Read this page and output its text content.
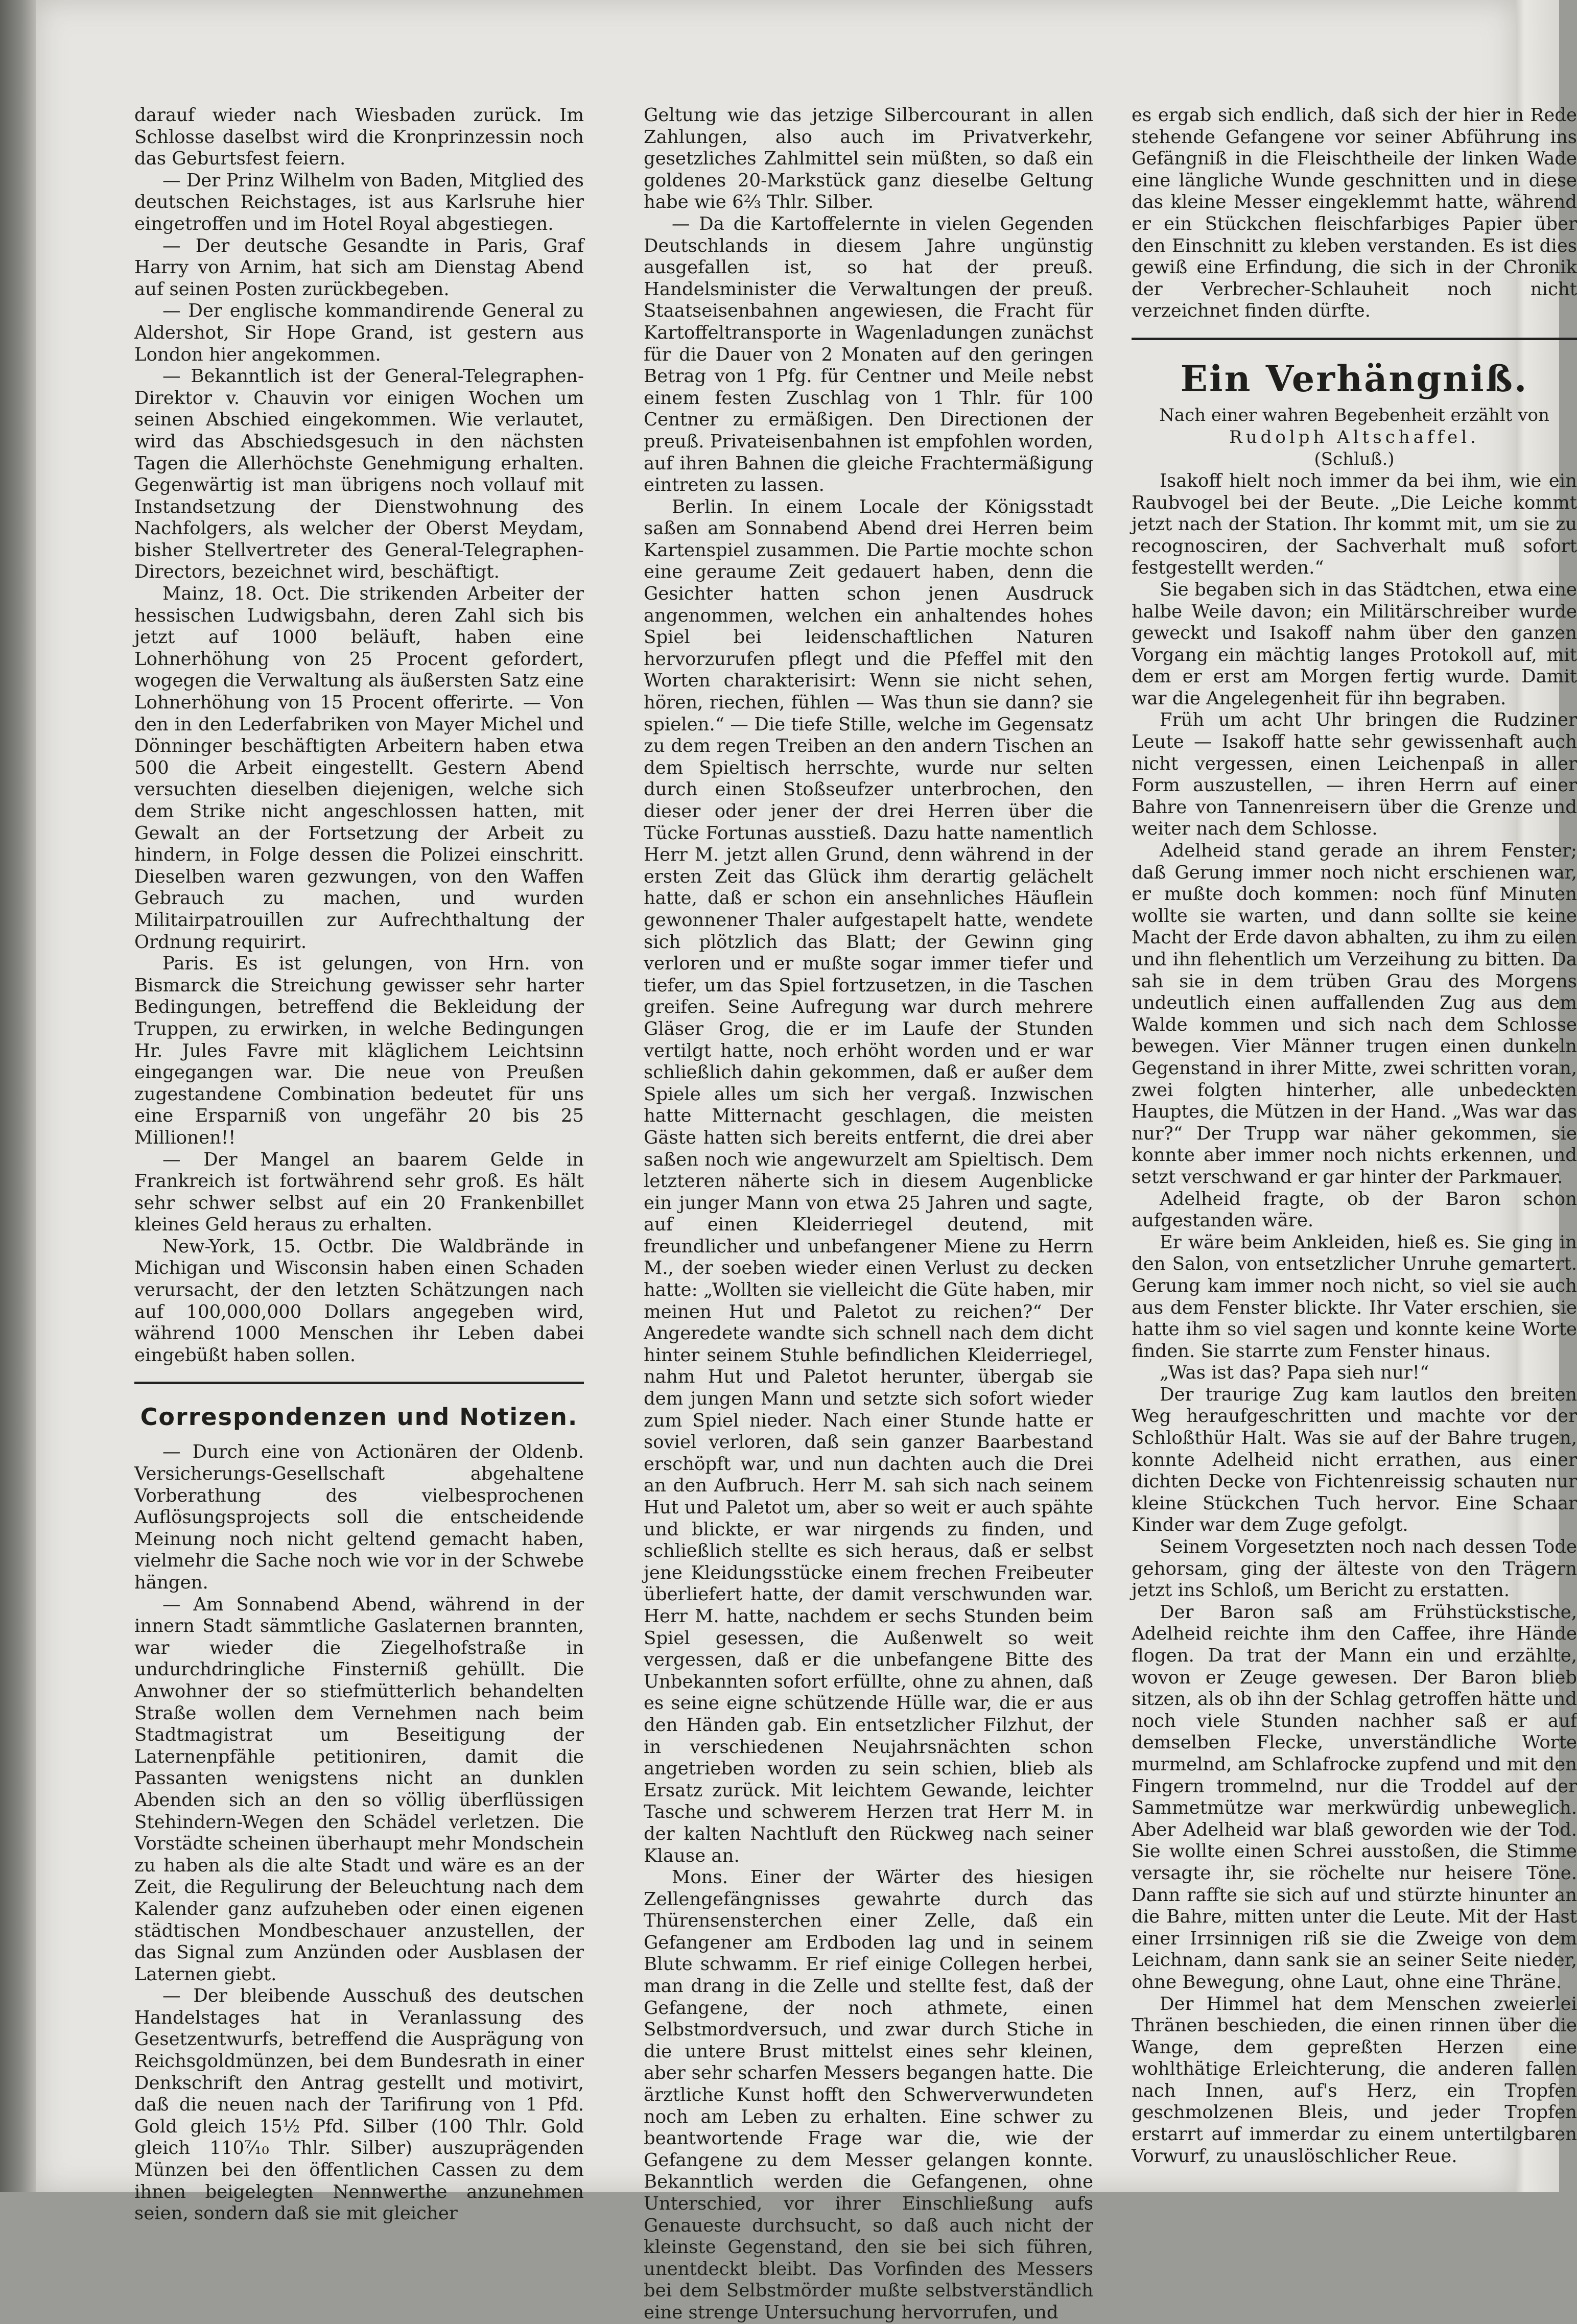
darauf wieder nach Wiesbaden zurück. Im Schlosse daselbst wird die Kronprinzessin noch das Geburtsfest feiern.

— Der Prinz Wilhelm von Baden, Mitglied des deutschen Reichstages, ist aus Karlsruhe hier eingetroffen und im Hotel Royal abgestiegen.

— Der deutsche Gesandte in Paris, Graf Harry von Arnim, hat sich am Dienstag Abend auf seinen Posten zurückbegeben.

— Der englische kommandirende General zu Aldershot, Sir Hope Grand, ist gestern aus London hier angekommen.

— Bekanntlich ist der General-Telegraphen-Direktor v. Chauvin vor einigen Wochen um seinen Abschied eingekommen. Wie verlautet, wird das Abschiedsgesuch in den nächsten Tagen die Allerhöchste Genehmigung erhalten. Gegenwärtig ist man übrigens noch vollauf mit Instandsetzung der Dienstwohnung des Nachfolgers, als welcher der Oberst Meydam, bisher Stellvertreter des General-Telegraphen-Directors, bezeichnet wird, beschäftigt.

Mainz, 18. Oct. Die strikenden Arbeiter der hessischen Ludwigsbahn, deren Zahl sich bis jetzt auf 1000 beläuft, haben eine Lohnerhöhung von 25 Procent gefordert, wogegen die Verwaltung als äußersten Satz eine Lohnerhöhung von 15 Procent offerirte. — Von den in den Lederfabriken von Mayer Michel und Dönninger beschäftigten Arbeitern haben etwa 500 die Arbeit eingestellt. Gestern Abend versuchten dieselben diejenigen, welche sich dem Strike nicht angeschlossen hatten, mit Gewalt an der Fortsetzung der Arbeit zu hindern, in Folge dessen die Polizei einschritt. Dieselben waren gezwungen, von den Waffen Gebrauch zu machen, und wurden Militairpatrouillen zur Aufrechthaltung der Ordnung requirirt.

Paris. Es ist gelungen, von Hrn. von Bismarck die Streichung gewisser sehr harter Bedingungen, betreffend die Bekleidung der Truppen, zu erwirken, in welche Bedingungen Hr. Jules Favre mit kläglichem Leichtsinn eingegangen war. Die neue von Preußen zugestandene Combination bedeutet für uns eine Ersparniß von ungefähr 20 bis 25 Millionen!!

— Der Mangel an baarem Gelde in Frankreich ist fortwährend sehr groß. Es hält sehr schwer selbst auf ein 20 Frankenbillet kleines Geld heraus zu erhalten.

New-York, 15. Octbr. Die Waldbrände in Michigan und Wisconsin haben einen Schaden verursacht, der den letzten Schätzungen nach auf 100,000,000 Dollars angegeben wird, während 1000 Menschen ihr Leben dabei eingebüßt haben sollen.

Correspondenzen und Notizen.

— Durch eine von Actionären der Oldenb. Versicherungs-Gesellschaft abgehaltene Vorberathung des vielbesprochenen Auflösungsprojects soll die entscheidende Meinung noch nicht geltend gemacht haben, vielmehr die Sache noch wie vor in der Schwebe hängen.

— Am Sonnabend Abend, während in der innern Stadt sämmtliche Gaslaternen brannten, war wieder die Ziegelhofstraße in undurchdringliche Finsterniß gehüllt. Die Anwohner der so stiefmütterlich behandelten Straße wollen dem Vernehmen nach beim Stadtmagistrat um Beseitigung der Laternenpfähle petitioniren, damit die Passanten wenigstens nicht an dunklen Abenden sich an den so völlig überflüssigen Stehindern-Wegen den Schädel verletzen. Die Vorstädte scheinen überhaupt mehr Mondschein zu haben als die alte Stadt und wäre es an der Zeit, die Regulirung der Beleuchtung nach dem Kalender ganz aufzuheben oder einen eigenen städtischen Mondbeschauer anzustellen, der das Signal zum Anzünden oder Ausblasen der Laternen giebt.

— Der bleibende Ausschuß des deutschen Handelstages hat in Veranlassung des Gesetzentwurfs, betreffend die Ausprägung von Reichsgoldmünzen, bei dem Bundesrath in einer Denkschrift den Antrag gestellt und motivirt, daß die neuen nach der Tarifirung von 1 Pfd. Gold gleich 15½ Pfd. Silber (100 Thlr. Gold gleich 110⁷⁄₁₀ Thlr. Silber) auszuprägenden Münzen bei den öffentlichen Cassen zu dem ihnen beigelegten Nennwerthe anzunehmen seien, sondern daß sie mit gleicher

Geltung wie das jetzige Silbercourant in allen Zahlungen, also auch im Privatverkehr, gesetzliches Zahlmittel sein müßten, so daß ein goldenes 20-Markstück ganz dieselbe Geltung habe wie 6⅔ Thlr. Silber.

— Da die Kartoffelernte in vielen Gegenden Deutschlands in diesem Jahre ungünstig ausgefallen ist, so hat der preuß. Handelsminister die Verwaltungen der preuß. Staatseisenbahnen angewiesen, die Fracht für Kartoffeltransporte in Wagenladungen zunächst für die Dauer von 2 Monaten auf den geringen Betrag von 1 Pfg. für Centner und Meile nebst einem festen Zuschlag von 1 Thlr. für 100 Centner zu ermäßigen. Den Directionen der preuß. Privateisenbahnen ist empfohlen worden, auf ihren Bahnen die gleiche Frachtermäßigung eintreten zu lassen.

Berlin. In einem Locale der Königsstadt saßen am Sonnabend Abend drei Herren beim Kartenspiel zusammen. Die Partie mochte schon eine geraume Zeit gedauert haben, denn die Gesichter hatten schon jenen Ausdruck angenommen, welchen ein anhaltendes hohes Spiel bei leidenschaftlichen Naturen hervorzurufen pflegt und die Pfeffel mit den Worten charakterisirt: Wenn sie nicht sehen, hören, riechen, fühlen — Was thun sie dann? sie spielen.“ — Die tiefe Stille, welche im Gegensatz zu dem regen Treiben an den andern Tischen an dem Spieltisch herrschte, wurde nur selten durch einen Stoßseufzer unterbrochen, den dieser oder jener der drei Herren über die Tücke Fortunas ausstieß. Dazu hatte namentlich Herr M. jetzt allen Grund, denn während in der ersten Zeit das Glück ihm derartig gelächelt hatte, daß er schon ein ansehnliches Häuflein gewonnener Thaler aufgestapelt hatte, wendete sich plötzlich das Blatt; der Gewinn ging verloren und er mußte sogar immer tiefer und tiefer, um das Spiel fortzusetzen, in die Taschen greifen. Seine Aufregung war durch mehrere Gläser Grog, die er im Laufe der Stunden vertilgt hatte, noch erhöht worden und er war schließlich dahin gekommen, daß er außer dem Spiele alles um sich her vergaß. Inzwischen hatte Mitternacht geschlagen, die meisten Gäste hatten sich bereits entfernt, die drei aber saßen noch wie angewurzelt am Spieltisch. Dem letzteren näherte sich in diesem Augenblicke ein junger Mann von etwa 25 Jahren und sagte, auf einen Kleiderriegel deutend, mit freundlicher und unbefangener Miene zu Herrn M., der soeben wieder einen Verlust zu decken hatte: „Wollten sie vielleicht die Güte haben, mir meinen Hut und Paletot zu reichen?“ Der Angeredete wandte sich schnell nach dem dicht hinter seinem Stuhle befindlichen Kleiderriegel, nahm Hut und Paletot herunter, übergab sie dem jungen Mann und setzte sich sofort wieder zum Spiel nieder. Nach einer Stunde hatte er soviel verloren, daß sein ganzer Baarbestand erschöpft war, und nun dachten auch die Drei an den Aufbruch. Herr M. sah sich nach seinem Hut und Paletot um, aber so weit er auch spähte und blickte, er war nirgends zu finden, und schließlich stellte es sich heraus, daß er selbst jene Kleidungsstücke einem frechen Freibeuter überliefert hatte, der damit verschwunden war. Herr M. hatte, nachdem er sechs Stunden beim Spiel gesessen, die Außenwelt so weit vergessen, daß er die unbefangene Bitte des Unbekannten sofort erfüllte, ohne zu ahnen, daß es seine eigne schützende Hülle war, die er aus den Händen gab. Ein entsetzlicher Filzhut, der in verschiedenen Neujahrsnächten schon angetrieben worden zu sein schien, blieb als Ersatz zurück. Mit leichtem Gewande, leichter Tasche und schwerem Herzen trat Herr M. in der kalten Nachtluft den Rückweg nach seiner Klause an.

Mons. Einer der Wärter des hiesigen Zellengefängnisses gewahrte durch das Thürensensterchen einer Zelle, daß ein Gefangener am Erdboden lag und in seinem Blute schwamm. Er rief einige Collegen herbei, man drang in die Zelle und stellte fest, daß der Gefangene, der noch athmete, einen Selbstmordversuch, und zwar durch Stiche in die untere Brust mittelst eines sehr kleinen, aber sehr scharfen Messers begangen hatte. Die ärztliche Kunst hofft den Schwerverwundeten noch am Leben zu erhalten. Eine schwer zu beantwortende Frage war die, wie der Gefangene zu dem Messer gelangen konnte. Bekanntlich werden die Gefangenen, ohne Unterschied, vor ihrer Einschließung aufs Genaueste durchsucht, so daß auch nicht der kleinste Gegenstand, den sie bei sich führen, unentdeckt bleibt. Das Vorfinden des Messers bei dem Selbstmörder mußte selbstverständlich eine strenge Untersuchung hervorrufen, und

es ergab sich endlich, daß sich der hier in Rede stehende Gefangene vor seiner Abführung ins Gefängniß in die Fleischtheile der linken Wade eine längliche Wunde geschnitten und in diese das kleine Messer eingeklemmt hatte, während er ein Stückchen fleischfarbiges Papier über den Einschnitt zu kleben verstanden. Es ist dies gewiß eine Erfindung, die sich in der Chronik der Verbrecher-Schlauheit noch nicht verzeichnet finden dürfte.

Ein Verhängniß.

Nach einer wahren Begebenheit erzählt von

Rudolph Altschaffel.

(Schluß.)

Isakoff hielt noch immer da bei ihm, wie ein Raubvogel bei der Beute. „Die Leiche kommt jetzt nach der Station. Ihr kommt mit, um sie zu recognosciren, der Sachverhalt muß sofort festgestellt werden.“

Sie begaben sich in das Städtchen, etwa eine halbe Weile davon; ein Militärschreiber wurde geweckt und Isakoff nahm über den ganzen Vorgang ein mächtig langes Protokoll auf, mit dem er erst am Morgen fertig wurde. Damit war die Angelegenheit für ihn begraben.

Früh um acht Uhr bringen die Rudziner Leute — Isakoff hatte sehr gewissenhaft auch nicht vergessen, einen Leichenpaß in aller Form auszustellen, — ihren Herrn auf einer Bahre von Tannenreisern über die Grenze und weiter nach dem Schlosse.

Adelheid stand gerade an ihrem Fenster; daß Gerung immer noch nicht erschienen war, er mußte doch kommen: noch fünf Minuten wollte sie warten, und dann sollte sie keine Macht der Erde davon abhalten, zu ihm zu eilen und ihn flehentlich um Verzeihung zu bitten. Da sah sie in dem trüben Grau des Morgens undeutlich einen auffallenden Zug aus dem Walde kommen und sich nach dem Schlosse bewegen. Vier Männer trugen einen dunkeln Gegenstand in ihrer Mitte, zwei schritten voran, zwei folgten hinterher, alle unbedeckten Hauptes, die Mützen in der Hand. „Was war das nur?“ Der Trupp war näher gekommen, sie konnte aber immer noch nichts erkennen, und setzt verschwand er gar hinter der Parkmauer.

Adelheid fragte, ob der Baron schon aufgestanden wäre.

Er wäre beim Ankleiden, hieß es. Sie ging in den Salon, von entsetzlicher Unruhe gemartert. Gerung kam immer noch nicht, so viel sie auch aus dem Fenster blickte. Ihr Vater erschien, sie hatte ihm so viel sagen und konnte keine Worte finden. Sie starrte zum Fenster hinaus.

„Was ist das? Papa sieh nur!“

Der traurige Zug kam lautlos den breiten Weg heraufgeschritten und machte vor der Schloßthür Halt. Was sie auf der Bahre trugen, konnte Adelheid nicht errathen, aus einer dichten Decke von Fichtenreissig schauten nur kleine Stückchen Tuch hervor. Eine Schaar Kinder war dem Zuge gefolgt.

Seinem Vorgesetzten noch nach dessen Tode gehorsam, ging der älteste von den Trägern jetzt ins Schloß, um Bericht zu erstatten.

Der Baron saß am Frühstückstische, Adelheid reichte ihm den Caffee, ihre Hände flogen. Da trat der Mann ein und erzählte, wovon er Zeuge gewesen. Der Baron blieb sitzen, als ob ihn der Schlag getroffen hätte und noch viele Stunden nachher saß er auf demselben Flecke, unverständliche Worte murmelnd, am Schlafrocke zupfend und mit den Fingern trommelnd, nur die Troddel auf der Sammetmütze war merkwürdig unbeweglich. Aber Adelheid war blaß geworden wie der Tod. Sie wollte einen Schrei ausstoßen, die Stimme versagte ihr, sie röchelte nur heisere Töne. Dann raffte sie sich auf und stürzte hinunter an die Bahre, mitten unter die Leute. Mit der Hast einer Irrsinnigen riß sie die Zweige von dem Leichnam, dann sank sie an seiner Seite nieder, ohne Bewegung, ohne Laut, ohne eine Thräne.

Der Himmel hat dem Menschen zweierlei Thränen beschieden, die einen rinnen über die Wange, dem gepreßten Herzen eine wohlthätige Erleichterung, die anderen fallen nach Innen, auf's Herz, ein Tropfen geschmolzenen Bleis, und jeder Tropfen erstarrt auf immerdar zu einem untertilgbaren Vorwurf, zu unauslöschlicher Reue.
